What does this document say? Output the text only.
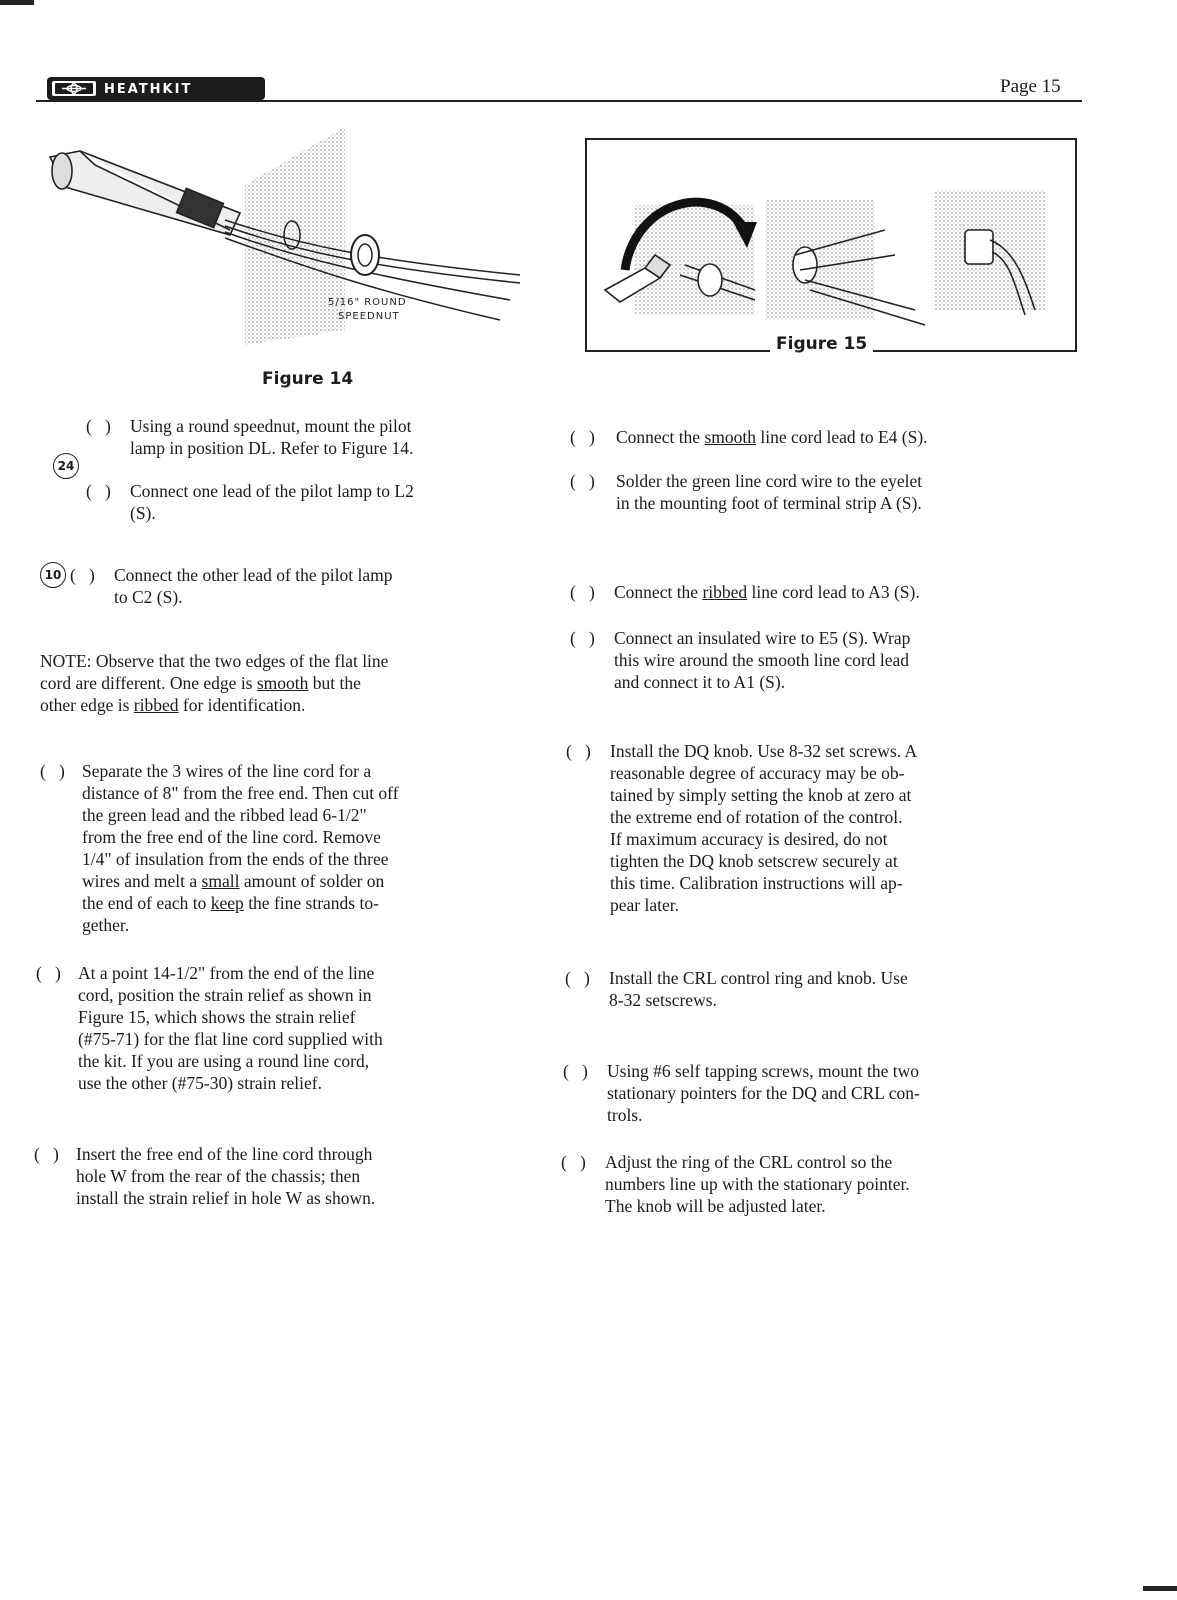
HEATHKIT	Page 15
5/16" ROUND
SPEEDNUT
Figure 14
Figure 15
(   ) Using a round speednut, mount the pilot
lamp in position DL. Refer to Figure 14.
24
(   ) Connect one lead of the pilot lamp to L2
(S).
10 (   ) Connect the other lead of the pilot lamp
to C2 (S).
NOTE: Observe that the two edges of the flat line
cord are different. One edge is smooth but the
other edge is ribbed for identification.
(   ) Separate the 3 wires of the line cord for a
distance of 8" from the free end. Then cut off
the green lead and the ribbed lead 6-1/2"
from the free end of the line cord. Remove
1/4" of insulation from the ends of the three
wires and melt a small amount of solder on
the end of each to keep the fine strands to-
gether.
(   ) At a point 14-1/2" from the end of the line
cord, position the strain relief as shown in
Figure 15, which shows the strain relief
(#75-71) for the flat line cord supplied with
the kit. If you are using a round line cord,
use the other (#75-30) strain relief.
(   ) Insert the free end of the line cord through
hole W from the rear of the chassis; then
install the strain relief in hole W as shown.
(   ) Connect the smooth line cord lead to E4 (S).
(   ) Solder the green line cord wire to the eyelet
in the mounting foot of terminal strip A (S).
(   ) Connect the ribbed line cord lead to A3 (S).
(   ) Connect an insulated wire to E5 (S). Wrap
this wire around the smooth line cord lead
and connect it to A1 (S).
(   ) Install the DQ knob. Use 8-32 set screws. A
reasonable degree of accuracy may be ob-
tained by simply setting the knob at zero at
the extreme end of rotation of the control.
If maximum accuracy is desired, do not
tighten the DQ knob setscrew securely at
this time. Calibration instructions will ap-
pear later.
(   ) Install the CRL control ring and knob. Use
8-32 setscrews.
(   ) Using #6 self tapping screws, mount the two
stationary pointers for the DQ and CRL con-
trols.
(   ) Adjust the ring of the CRL control so the
numbers line up with the stationary pointer.
The knob will be adjusted later.
